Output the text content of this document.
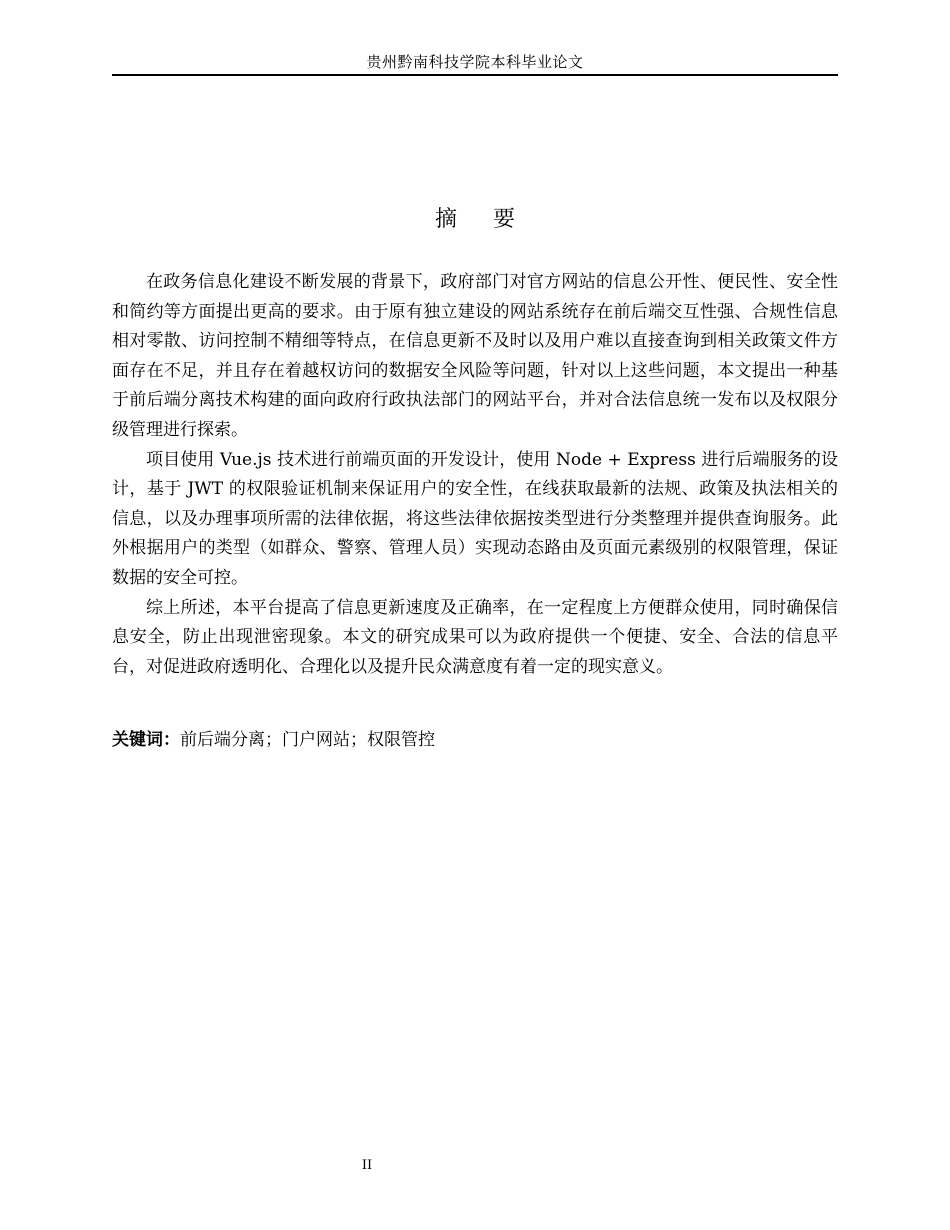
贵州黔南科技学院本科毕业论文
摘要

在政务信息化建设不断发展的背景下，政府部门对官方网站的信息公开性、便民性、安全性和简约等方面提出更高的要求。由于原有独立建设的网站系统存在前后端交互性强、合规性信息相对零散、访问控制不精细等特点，在信息更新不及时以及用户难以直接查询到相关政策文件方面存在不足，并且存在着越权访问的数据安全风险等问题，针对以上这些问题，本文提出一种基于前后端分离技术构建的面向政府行政执法部门的网站平台，并对合法信息统一发布以及权限分级管理进行探索。

项目使用 Vue.js 技术进行前端页面的开发设计，使用 Node + Express 进行后端服务的设计，基于 JWT 的权限验证机制来保证用户的安全性，在线获取最新的法规、政策及执法相关的信息，以及办理事项所需的法律依据，将这些法律依据按类型进行分类整理并提供查询服务。此外根据用户的类型（如群众、警察、管理人员）实现动态路由及页面元素级别的权限管理，保证数据的安全可控。

综上所述，本平台提高了信息更新速度及正确率，在一定程度上方便群众使用，同时确保信息安全，防止出现泄密现象。本文的研究成果可以为政府提供一个便捷、安全、合法的信息平台，对促进政府透明化、合理化以及提升民众满意度有着一定的现实意义。

关键词：前后端分离；门户网站；权限管控
II
